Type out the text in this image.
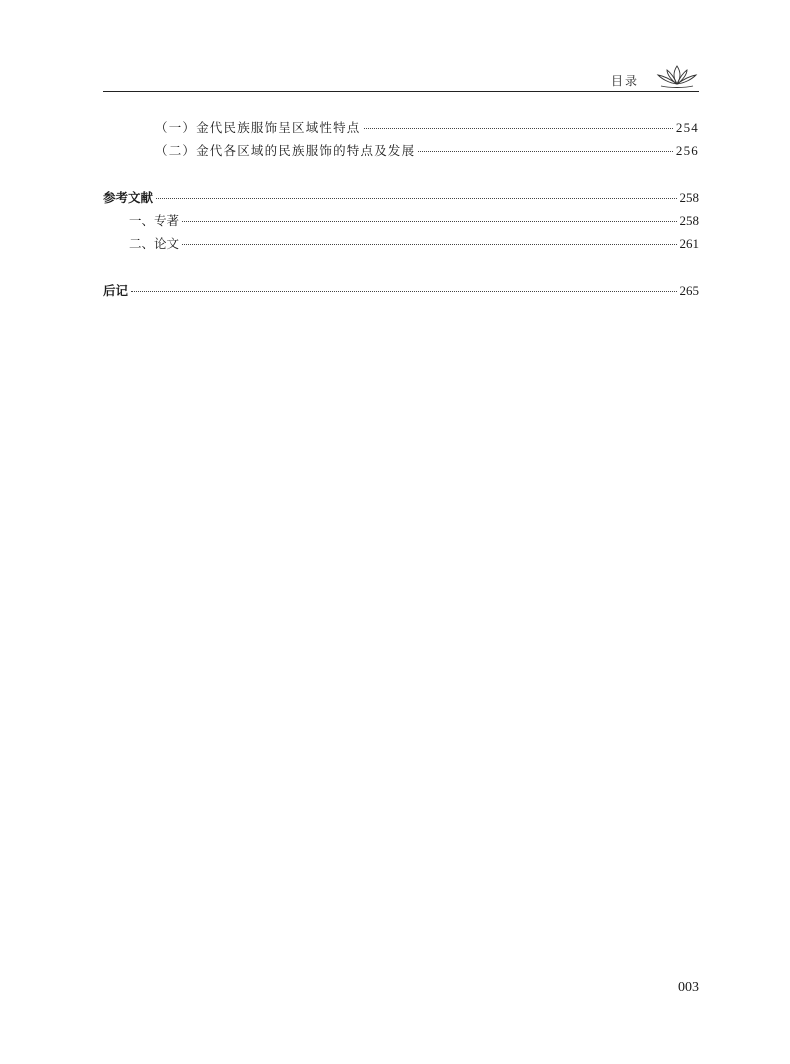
目录
（一）金代民族服饰呈区域性特点	254
（二）金代各区域的民族服饰的特点及发展	256
参考文献	258
一、专著	258
二、论文	261
后记	265
003
